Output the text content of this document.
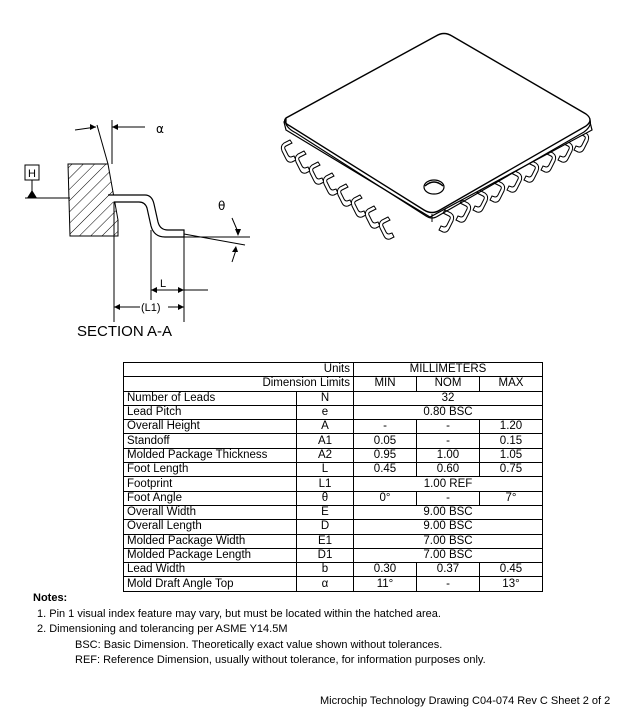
H
α
θ
L
(L1)
SECTION A-A
Units		MILLIMETERS		
Dimension Limits		MIN	NOM	MAX
Number of Leads	N	32		
Lead Pitch	e	0.80 BSC		
Overall Height	A	-	-	1.20
Standoff	A1	0.05	-	0.15
Molded Package Thickness	A2	0.95	1.00	1.05
Foot Length	L	0.45	0.60	0.75
Footprint	L1	1.00 REF		
Foot Angle	θ	0°	-	7°
Overall Width	E	9.00 BSC		
Overall Length	D	9.00 BSC		
Molded Package Width	E1	7.00 BSC		
Molded Package Length	D1	7.00 BSC		
Lead Width	b	0.30	0.37	0.45
Mold Draft Angle Top	α	11°	-	13°
Notes:
1. Pin 1 visual index feature may vary, but must be located within the hatched area.
2. Dimensioning and tolerancing per ASME Y14.5M
BSC: Basic Dimension. Theoretically exact value shown without tolerances.
REF: Reference Dimension, usually without tolerance, for information purposes only.
Microchip Technology Drawing C04-074 Rev C Sheet 2 of 2
